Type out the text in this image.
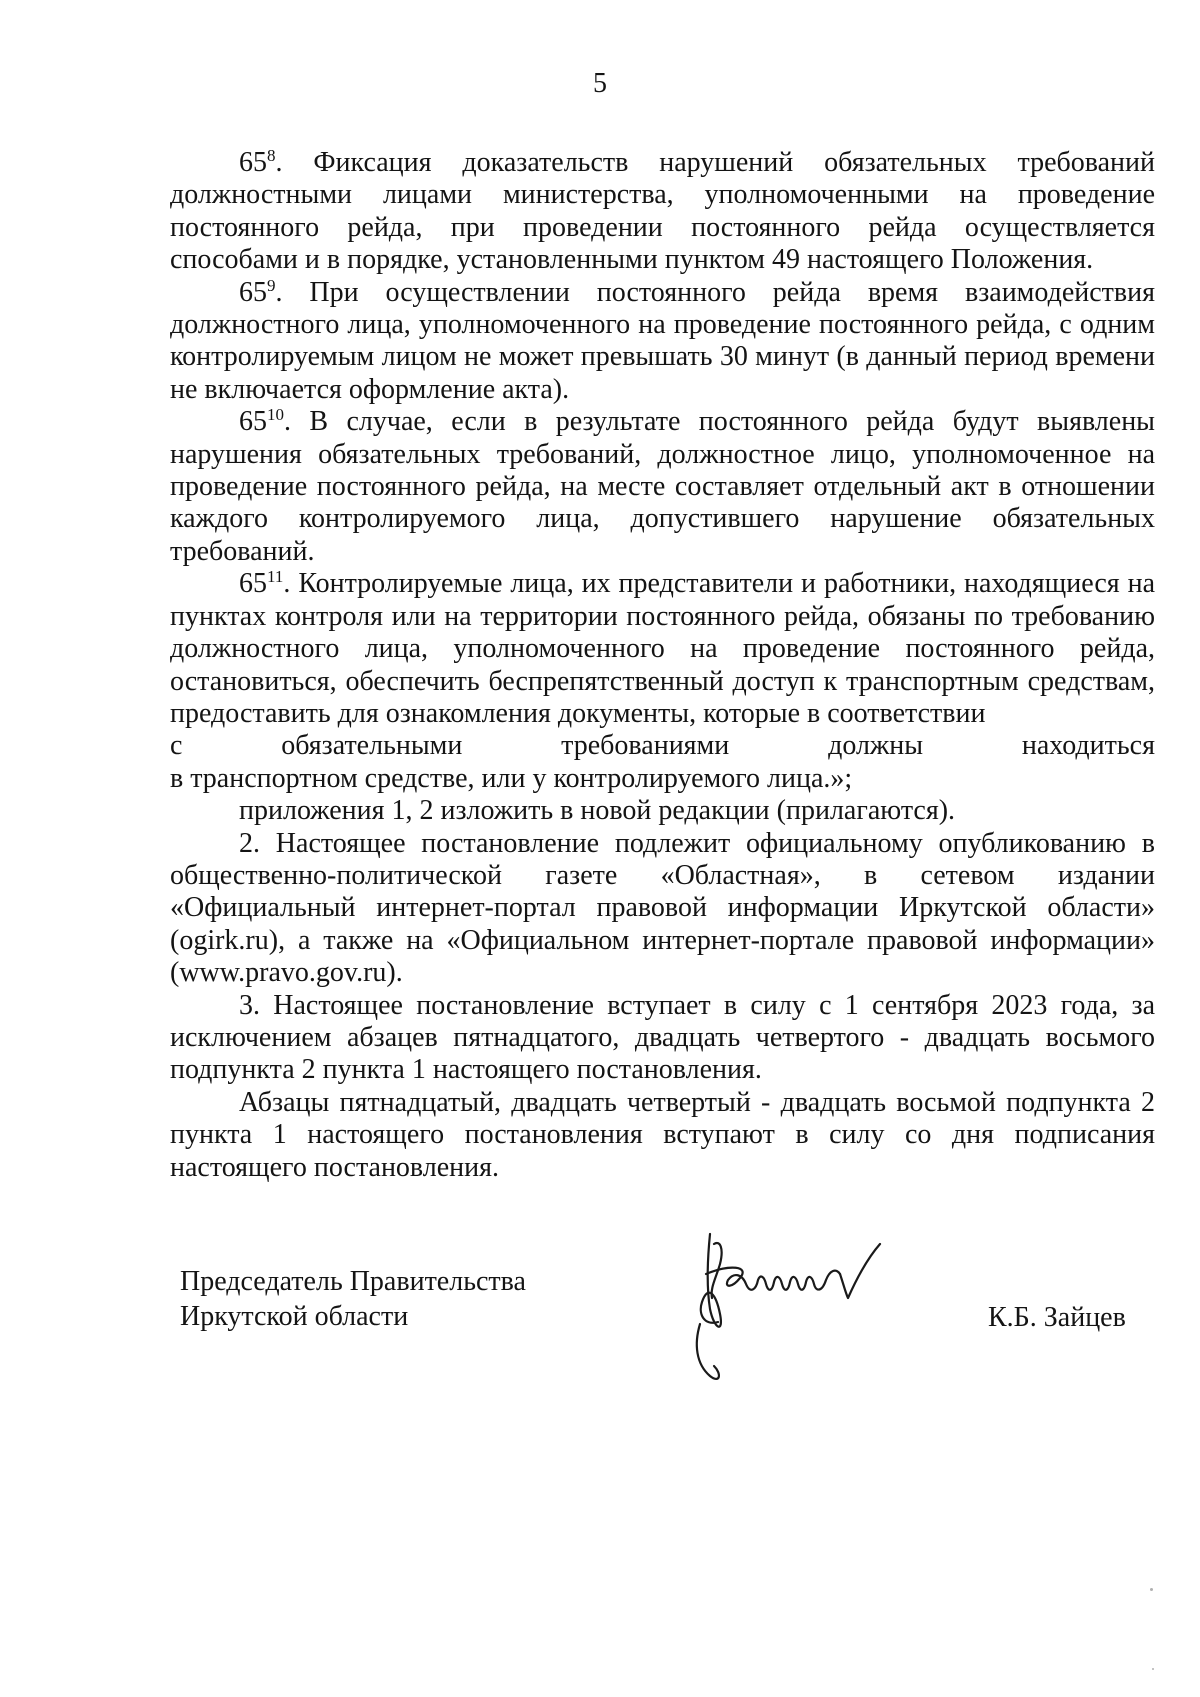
5

$65^8$. Фиксация доказательств нарушений обязательных требований должностными лицами министерства, уполномоченными на проведение постоянного рейда, при проведении постоянного рейда осуществляется способами и в порядке, установленными пунктом 49 настоящего Положения.

$65^9$. При осуществлении постоянного рейда время взаимодействия должностного лица, уполномоченного на проведение постоянного рейда, с одним контролируемым лицом не может превышать 30 минут (в данный период времени не включается оформление акта).

$65^{10}$. В случае, если в результате постоянного рейда будут выявлены нарушения обязательных требований, должностное лицо, уполномоченное на проведение постоянного рейда, на месте составляет отдельный акт в отношении каждого контролируемого лица, допустившего нарушение обязательных требований.

$65^{11}$. Контролируемые лица, их представители и работники, находящиеся на пунктах контроля или на территории постоянного рейда, обязаны по требованию должностного лица, уполномоченного на проведение постоянного рейда, остановиться, обеспечить беспрепятственный доступ к транспортным средствам, предоставить для ознакомления документы, которые в соответствии

с	обязательными	требованиями	должны	находиться
в транспортном средстве, или у контролируемого лица.»;

приложения 1, 2 изложить в новой редакции (прилагаются).

2. Настоящее постановление подлежит официальному опубликованию в общественно-политической газете «Областная», в сетевом издании «Официальный интернет-портал правовой информации Иркутской области» (ogirk.ru), а также на «Официальном интернет-портале правовой информации» (www.pravo.gov.ru).

3. Настоящее постановление вступает в силу с 1 сентября 2023 года, за исключением абзацев пятнадцатого, двадцать четвертого - двадцать восьмого подпункта 2 пункта 1 настоящего постановления.

Абзацы пятнадцатый, двадцать четвертый - двадцать восьмой подпункта 2 пункта 1 настоящего постановления вступают в силу со дня подписания настоящего постановления.

Председатель Правительства
Иркутской области	К.Б. Зайцев
